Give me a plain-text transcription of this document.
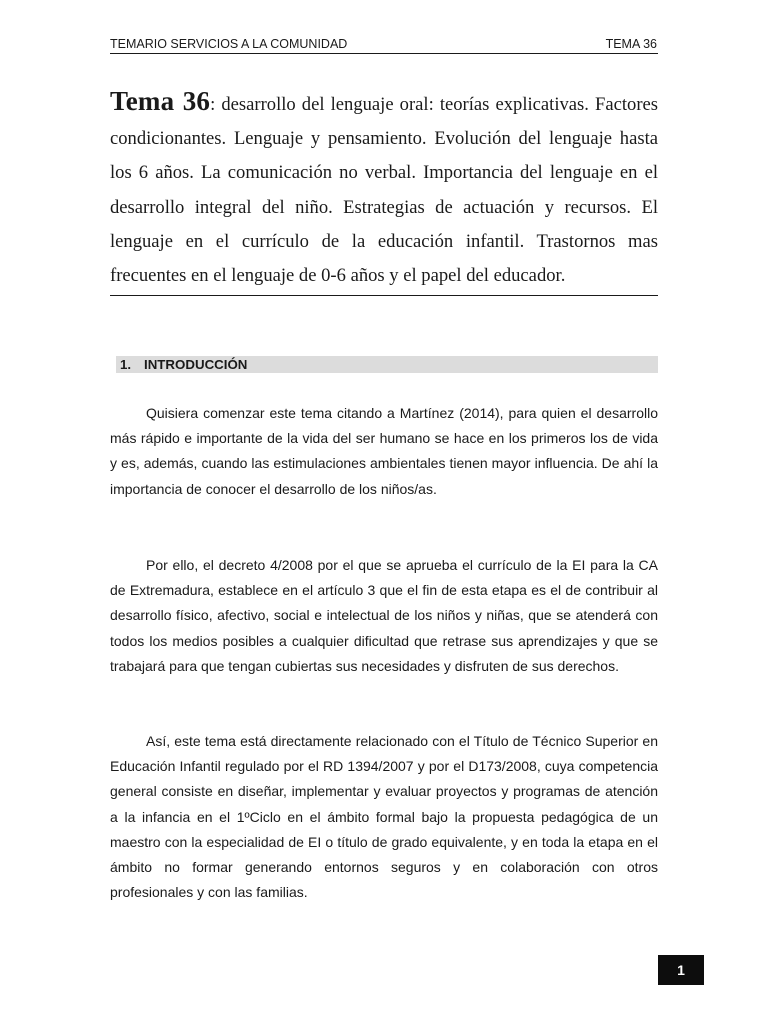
TEMARIO SERVICIOS A LA COMUNIDAD	TEMA 36
Tema 36: desarrollo del lenguaje oral: teorías explicativas. Factores condicionantes. Lenguaje y pensamiento. Evolución del lenguaje hasta los 6 años. La comunicación no verbal. Importancia del lenguaje en el desarrollo integral del niño. Estrategias de actuación y recursos. El lenguaje en el currículo de la educación infantil. Trastornos mas frecuentes en el lenguaje de 0-6 años y el papel del educador.
1. INTRODUCCIÓN

Quisiera comenzar este tema citando a Martínez (2014), para quien el desarrollo más rápido e importante de la vida del ser humano se hace en los primeros los de vida y es, además, cuando las estimulaciones ambientales tienen mayor influencia. De ahí la importancia de conocer el desarrollo de los niños/as.

Por ello, el decreto 4/2008 por el que se aprueba el currículo de la EI para la CA de Extremadura, establece en el artículo 3 que el fin de esta etapa es el de contribuir al desarrollo físico, afectivo, social e intelectual de los niños y niñas, que se atenderá con todos los medios posibles a cualquier dificultad que retrase sus aprendizajes y que se trabajará para que tengan cubiertas sus necesidades y disfruten de sus derechos.

Así, este tema está directamente relacionado con el Título de Técnico Superior en Educación Infantil regulado por el RD 1394/2007 y por el D173/2008, cuya competencia general consiste en diseñar, implementar y evaluar proyectos y programas de atención a la infancia en el 1ºCiclo en el ámbito formal bajo la propuesta pedagógica de un maestro con la especialidad de EI o título de grado equivalente, y en toda la etapa en el ámbito no formar generando entornos seguros y en colaboración con otros profesionales y con las familias.

1
